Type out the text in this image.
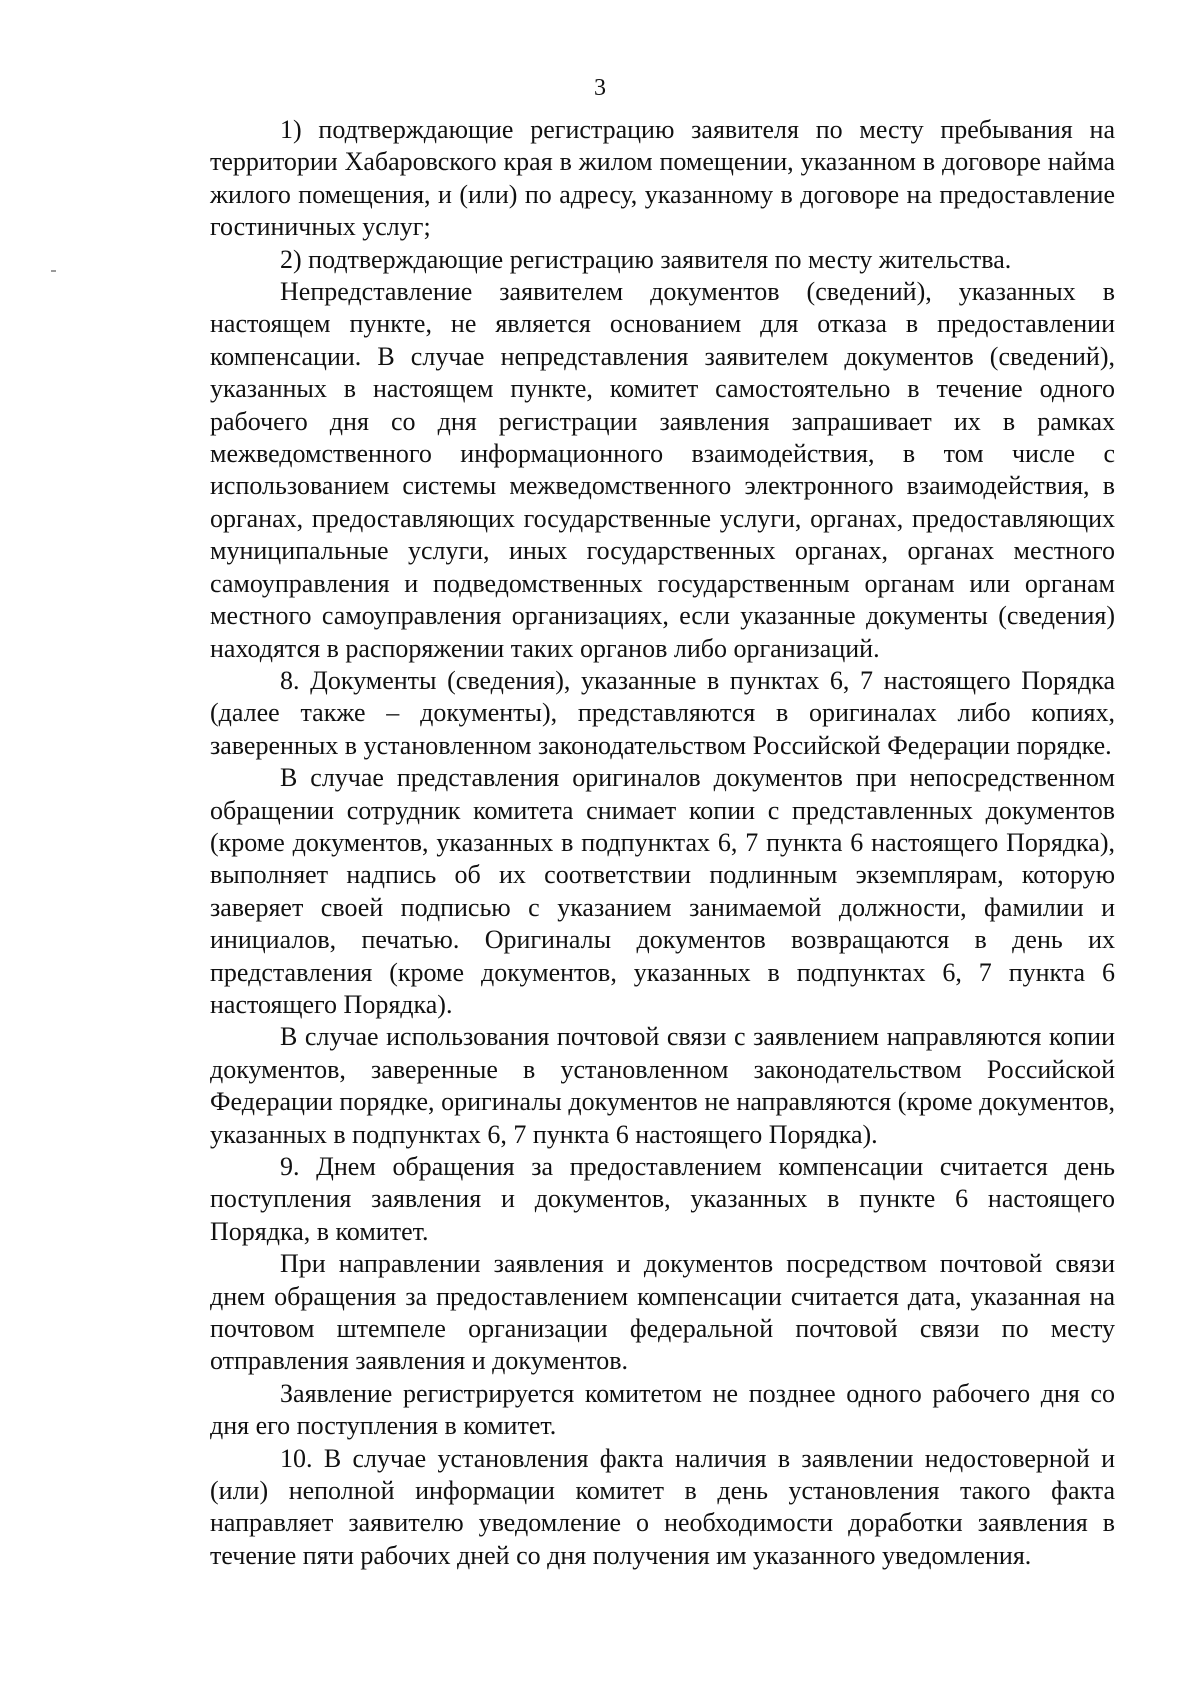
3

1) подтверждающие регистрацию заявителя по месту пребывания на территории Хабаровского края в жилом помещении, указанном в договоре найма жилого помещения, и (или) по адресу, указанному в договоре на предоставление гостиничных услуг;

2) подтверждающие регистрацию заявителя по месту жительства.

Непредставление заявителем документов (сведений), указанных в настоящем пункте, не является основанием для отказа в предоставлении компенсации. В случае непредставления заявителем документов (сведений), указанных в настоящем пункте, комитет самостоятельно в течение одного рабочего дня со дня регистрации заявления запрашивает их в рамках межведомственного информационного взаимодействия, в том числе с использованием системы межведомственного электронного взаимодействия, в органах, предоставляющих государственные услуги, органах, предоставляющих муниципальные услуги, иных государственных органах, органах местного самоуправления и подведомственных государственным органам или органам местного самоуправления организациях, если указанные документы (сведения) находятся в распоряжении таких органов либо организаций.

8. Документы (сведения), указанные в пунктах 6, 7 настоящего Порядка (далее также – документы), представляются в оригиналах либо копиях, заверенных в установленном законодательством Российской Федерации порядке.

В случае представления оригиналов документов при непосредственном обращении сотрудник комитета снимает копии с представленных документов (кроме документов, указанных в подпунктах 6, 7 пункта 6 настоящего Порядка), выполняет надпись об их соответствии подлинным экземплярам, которую заверяет своей подписью с указанием занимаемой должности, фамилии и инициалов, печатью. Оригиналы документов возвращаются в день их представления (кроме документов, указанных в подпунктах 6, 7 пункта 6 настоящего Порядка).

В случае использования почтовой связи с заявлением направляются копии документов, заверенные в установленном законодательством Российской Федерации порядке, оригиналы документов не направляются (кроме документов, указанных в подпунктах 6, 7 пункта 6 настоящего Порядка).

9. Днем обращения за предоставлением компенсации считается день поступления заявления и документов, указанных в пункте 6 настоящего Порядка, в комитет.

При направлении заявления и документов посредством почтовой связи днем обращения за предоставлением компенсации считается дата, указанная на почтовом штемпеле организации федеральной почтовой связи по месту отправления заявления и документов.

Заявление регистрируется комитетом не позднее одного рабочего дня со дня его поступления в комитет.

10. В случае установления факта наличия в заявлении недостоверной и (или) неполной информации комитет в день установления такого факта направляет заявителю уведомление о необходимости доработки заявления в течение пяти рабочих дней со дня получения им указанного уведомления.
